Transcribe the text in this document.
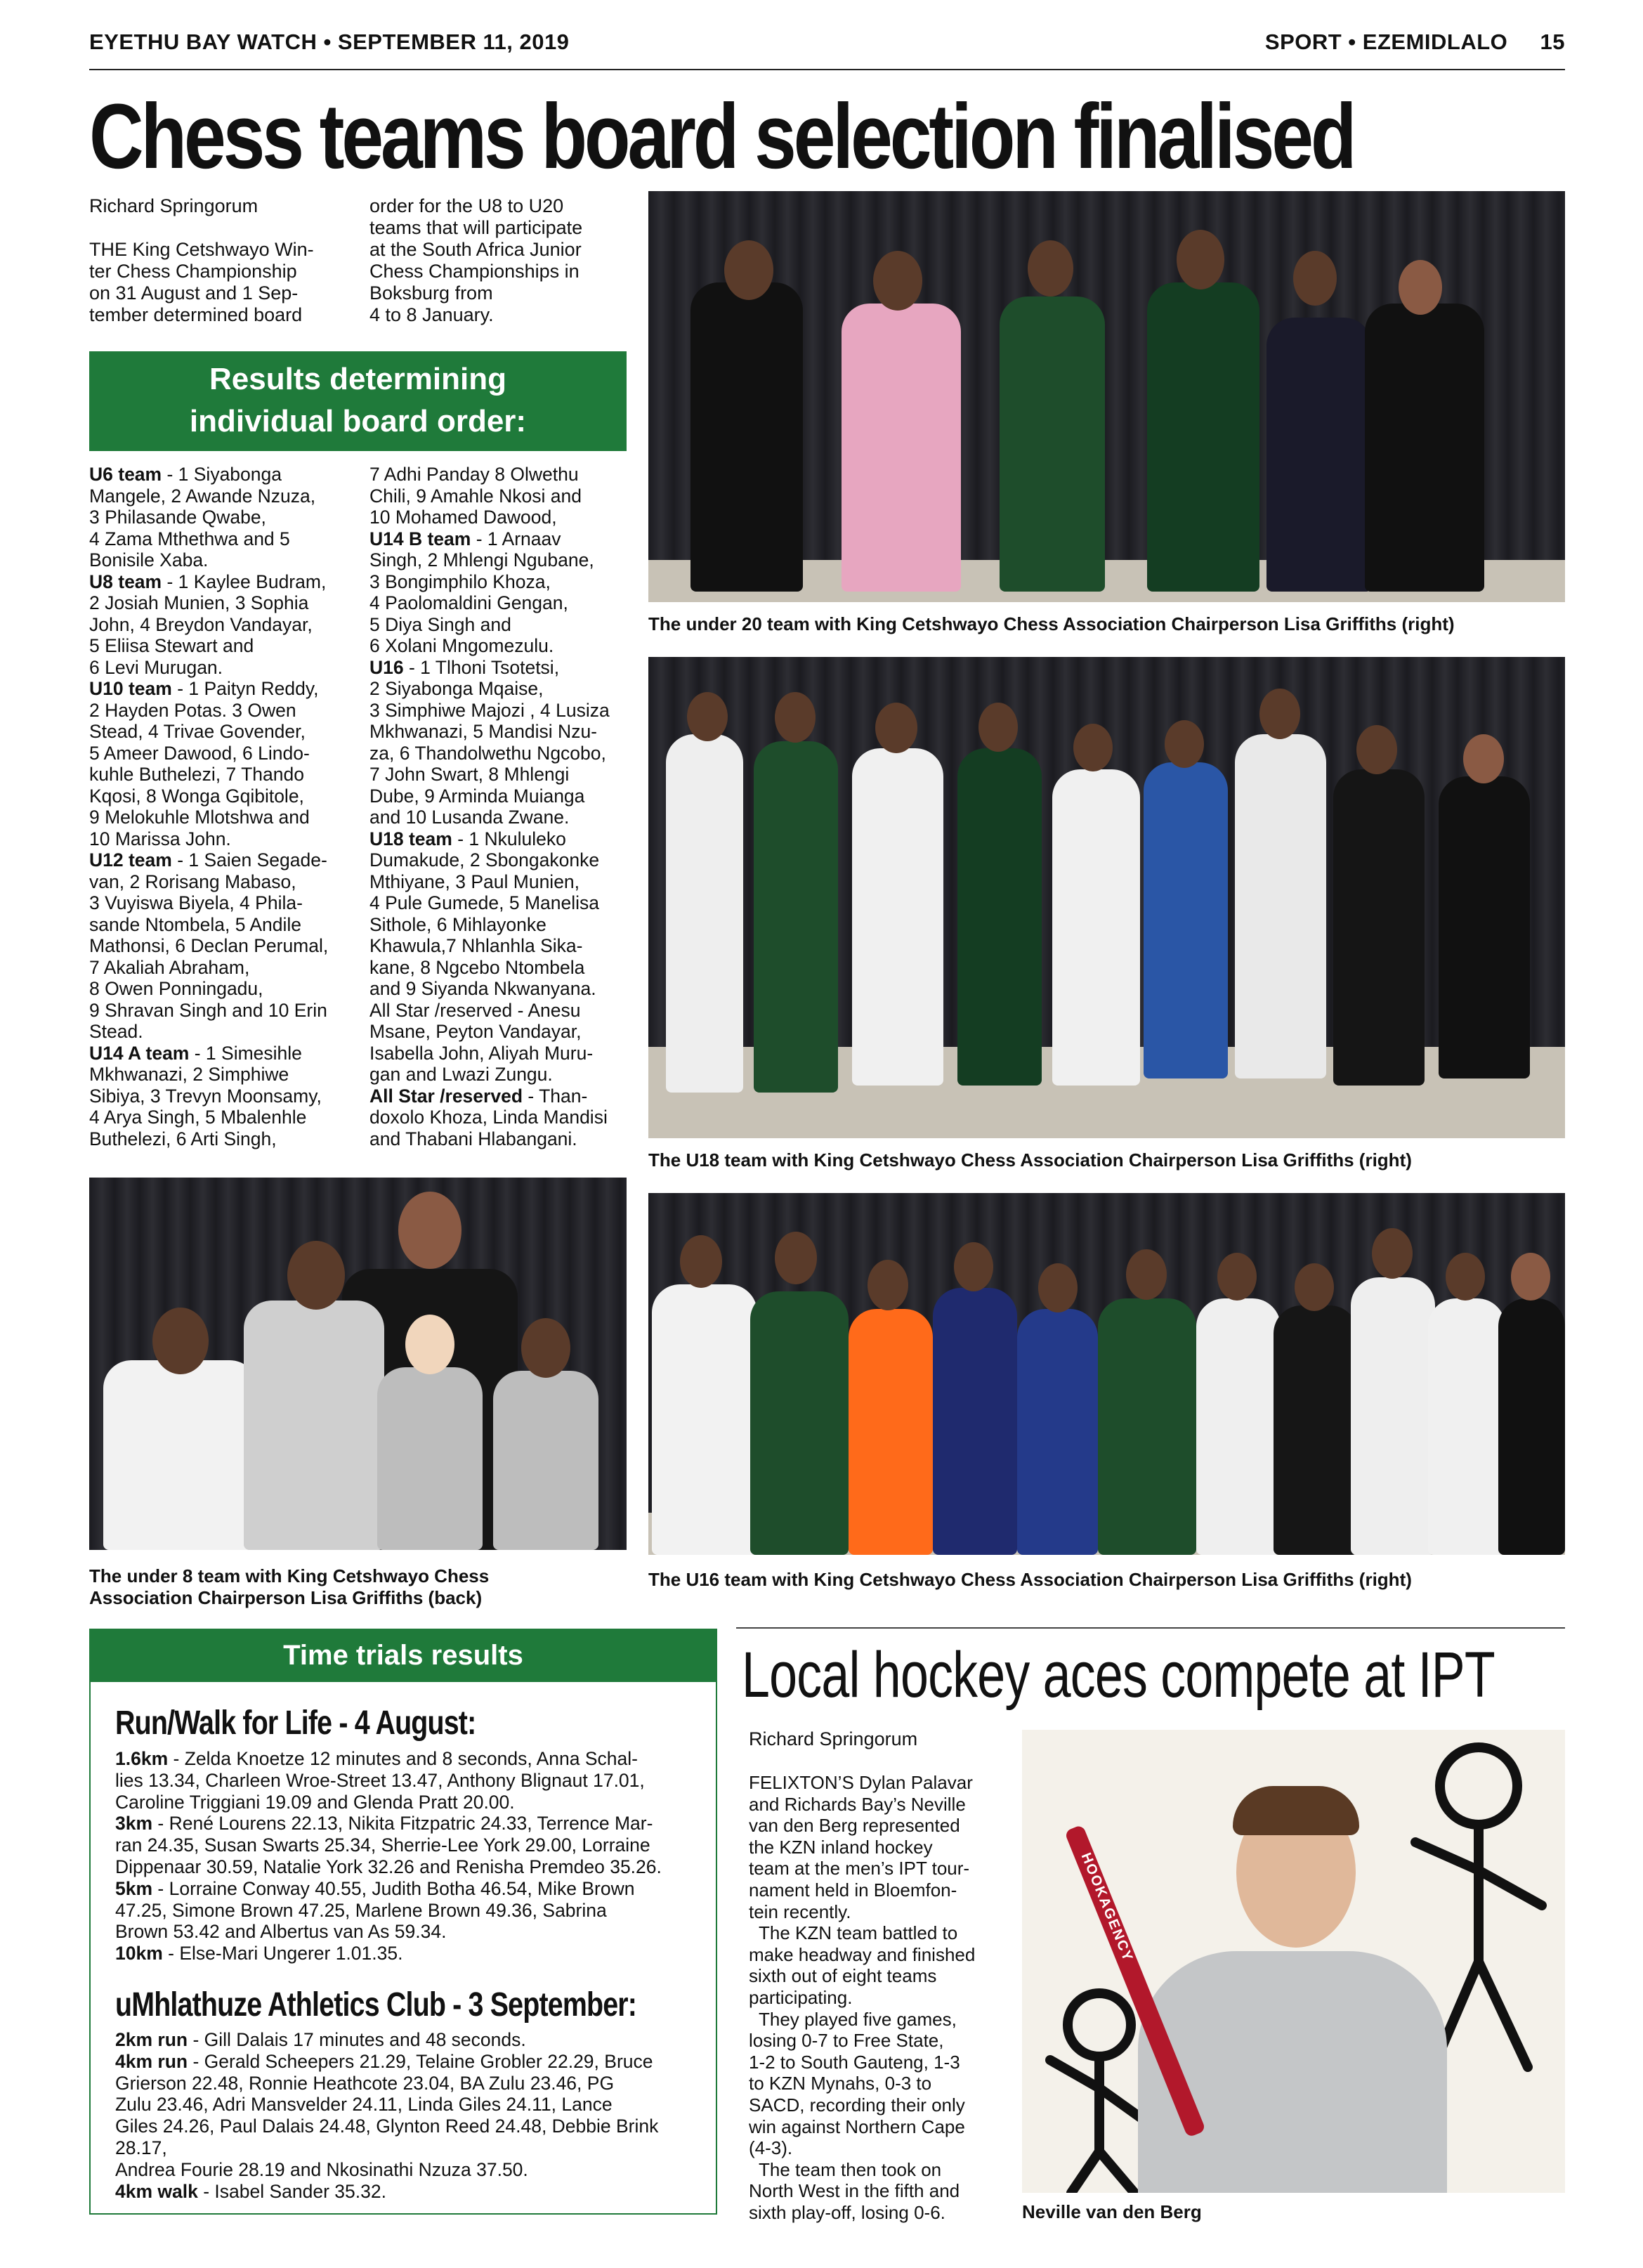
EYETHU BAY WATCH • SEPTEMBER 11, 2019	SPORT • EZEMIDLALO 15
Chess teams board selection finalised
Richard Springorum

THE King Cetshwayo Win-

ter Chess Championship

on 31 August and 1 Sep-

tember determined board

order for the U8 to U20

teams that will participate

at the South Africa Junior

Chess Championships in

Boksburg from

4 to 8 January.

Results determining
individual board order:

U6 team - 1 Siyabonga

Mangele, 2 Awande Nzuza,

3 Philasande Qwabe,

4 Zama Mthethwa and 5

Bonisile Xaba.

U8 team - 1 Kaylee Budram,

2 Josiah Munien, 3 Sophia

John, 4 Breydon Vandayar,

5 Eliisa Stewart and

6 Levi Murugan.

U10 team - 1 Paityn Reddy,

2 Hayden Potas. 3 Owen

Stead, 4 Trivae Govender,

5 Ameer Dawood, 6 Lindo-

kuhle Buthelezi, 7 Thando

Kqosi, 8 Wonga Gqibitole,

9 Melokuhle Mlotshwa and

10 Marissa John.

U12 team - 1 Saien Segade-

van, 2 Rorisang Mabaso,

3 Vuyiswa Biyela, 4 Phila-

sande Ntombela, 5 Andile

Mathonsi, 6 Declan Perumal,

7 Akaliah Abraham,

8 Owen Ponningadu,

9 Shravan Singh and 10 Erin

Stead.

U14 A team - 1 Simesihle

Mkhwanazi, 2 Simphiwe

Sibiya, 3 Trevyn Moonsamy,

4 Arya Singh, 5 Mbalenhle

Buthelezi, 6 Arti Singh,

7 Adhi Panday 8 Olwethu

Chili, 9 Amahle Nkosi and

10 Mohamed Dawood,

U14 B team - 1 Arnaav

Singh, 2 Mhlengi Ngubane,

3 Bongimphilo Khoza,

4 Paolomaldini Gengan,

5 Diya Singh and

6 Xolani Mngomezulu.

U16 - 1 Tlhoni Tsotetsi,

2 Siyabonga Mqaise,

3 Simphiwe Majozi , 4 Lusiza

Mkhwanazi, 5 Mandisi Nzu-

za, 6 Thandolwethu Ngcobo,

7 John Swart, 8 Mhlengi

Dube, 9 Arminda Muianga

and 10 Lusanda Zwane.

U18 team - 1 Nkululeko

Dumakude, 2 Sbongakonke

Mthiyane, 3 Paul Munien,

4 Pule Gumede, 5 Manelisa

Sithole, 6 Mihlayonke

Khawula,7 Nhlanhla Sika-

kane, 8 Ngcebo Ntombela

and 9 Siyanda Nkwanyana.

All Star /reserved - Anesu

Msane, Peyton Vandayar,

Isabella John, Aliyah Muru-

gan and Lwazi Zungu.

All Star /reserved - Than-

doxolo Khoza, Linda Mandisi

and Thabani Hlabangani.

The under 20 team with King Cetshwayo Chess Association Chairperson Lisa Griffiths (right)
The U18 team with King Cetshwayo Chess Association Chairperson Lisa Griffiths (right)
The under 8 team with King Cetshwayo Chess
Association Chairperson Lisa Griffiths (back)
The U16 team with King Cetshwayo Chess Association Chairperson Lisa Griffiths (right)
Time trials results
Run/Walk for Life - 4 August:

1.6km - Zelda Knoetze 12 minutes and 8 seconds, Anna Schal-

lies 13.34, Charleen Wroe-Street 13.47, Anthony Blignaut 17.01,

Caroline Triggiani 19.09 and Glenda Pratt 20.00.

3km - René Lourens 22.13, Nikita Fitzpatric 24.33, Terrence Mar-

ran 24.35, Susan Swarts 25.34, Sherrie-Lee York 29.00, Lorraine

Dippenaar 30.59, Natalie York 32.26 and Renisha Premdeo 35.26.

5km - Lorraine Conway 40.55, Judith Botha 46.54, Mike Brown

47.25, Simone Brown 47.25, Marlene Brown 49.36, Sabrina

Brown 53.42 and Albertus van As 59.34.

10km - Else-Mari Ungerer 1.01.35.

uMhlathuze Athletics Club - 3 September:

2km run - Gill Dalais 17 minutes and 48 seconds.

4km run - Gerald Scheepers 21.29, Telaine Grobler 22.29, Bruce

Grierson 22.48, Ronnie Heathcote 23.04, BA Zulu 23.46, PG

Zulu 23.46, Adri Mansvelder 24.11, Linda Giles 24.11, Lance

Giles 24.26, Paul Dalais 24.48, Glynton Reed 24.48, Debbie Brink

28.17,

Andrea Fourie 28.19 and Nkosinathi Nzuza 37.50.

4km walk - Isabel Sander 35.32.

Local hockey aces compete at IPT
Richard Springorum

FELIXTON’S Dylan Palavar

and Richards Bay’s Neville

van den Berg represented

the KZN inland hockey

team at the men’s IPT tour-

nament held in Bloemfon-

tein recently.

The KZN team battled to

make headway and finished

sixth out of eight teams

participating.

They played five games,

losing 0-7 to Free State,

1-2 to South Gauteng, 1-3

to KZN Mynahs, 0-3 to

SACD, recording their only

win against Northern Cape

(4-3).

The team then took on

North West in the fifth and

sixth play-off, losing 0-6.

HOOKAGENCY
Neville van den Berg
